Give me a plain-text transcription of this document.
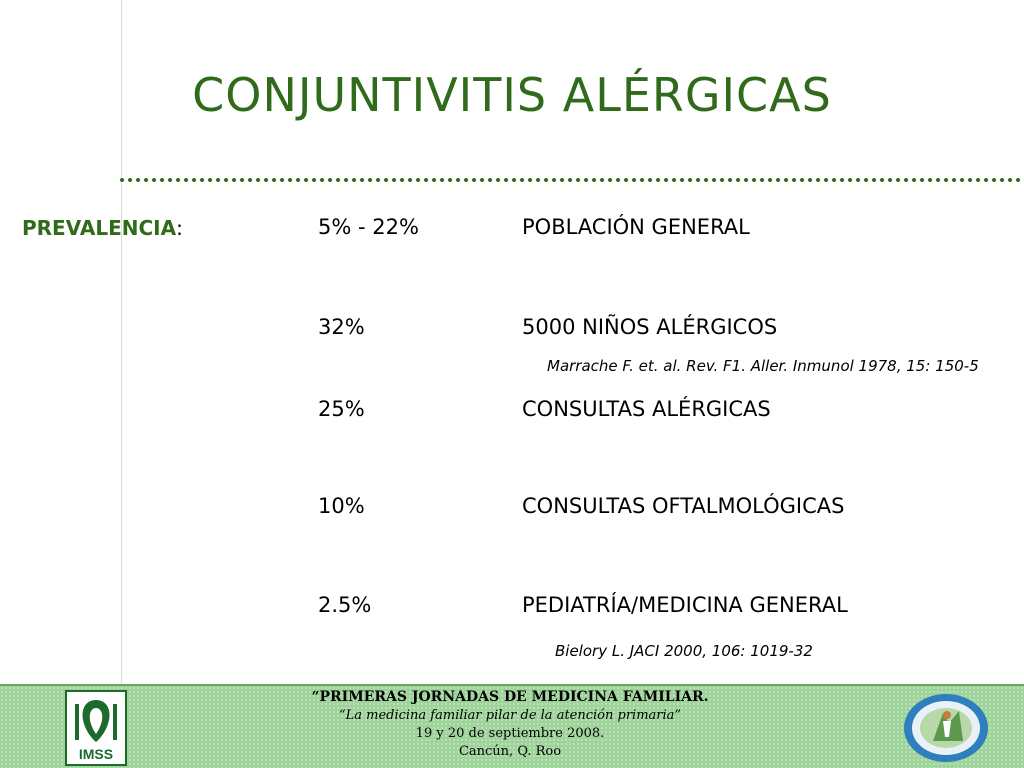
CONJUNTIVITIS ALÉRGICAS
PREVALENCIA:	5% - 22%	POBLACIÓN GENERAL
32%	5000 NIÑOS ALÉRGICOS
Marrache F. et. al. Rev. F1. Aller. Inmunol 1978, 15: 150-5
25%	CONSULTAS ALÉRGICAS
10%	CONSULTAS OFTALMOLÓGICAS
2.5%	PEDIATRÍA/MEDICINA GENERAL
Bielory L. JACI 2000, 106: 1019-32
IMSS
“PRIMERAS JORNADAS DE MEDICINA FAMILIAR.
“La medicina familiar pilar de la atención primaria”
19 y 20 de septiembre 2008.
Cancún, Q. Roo
